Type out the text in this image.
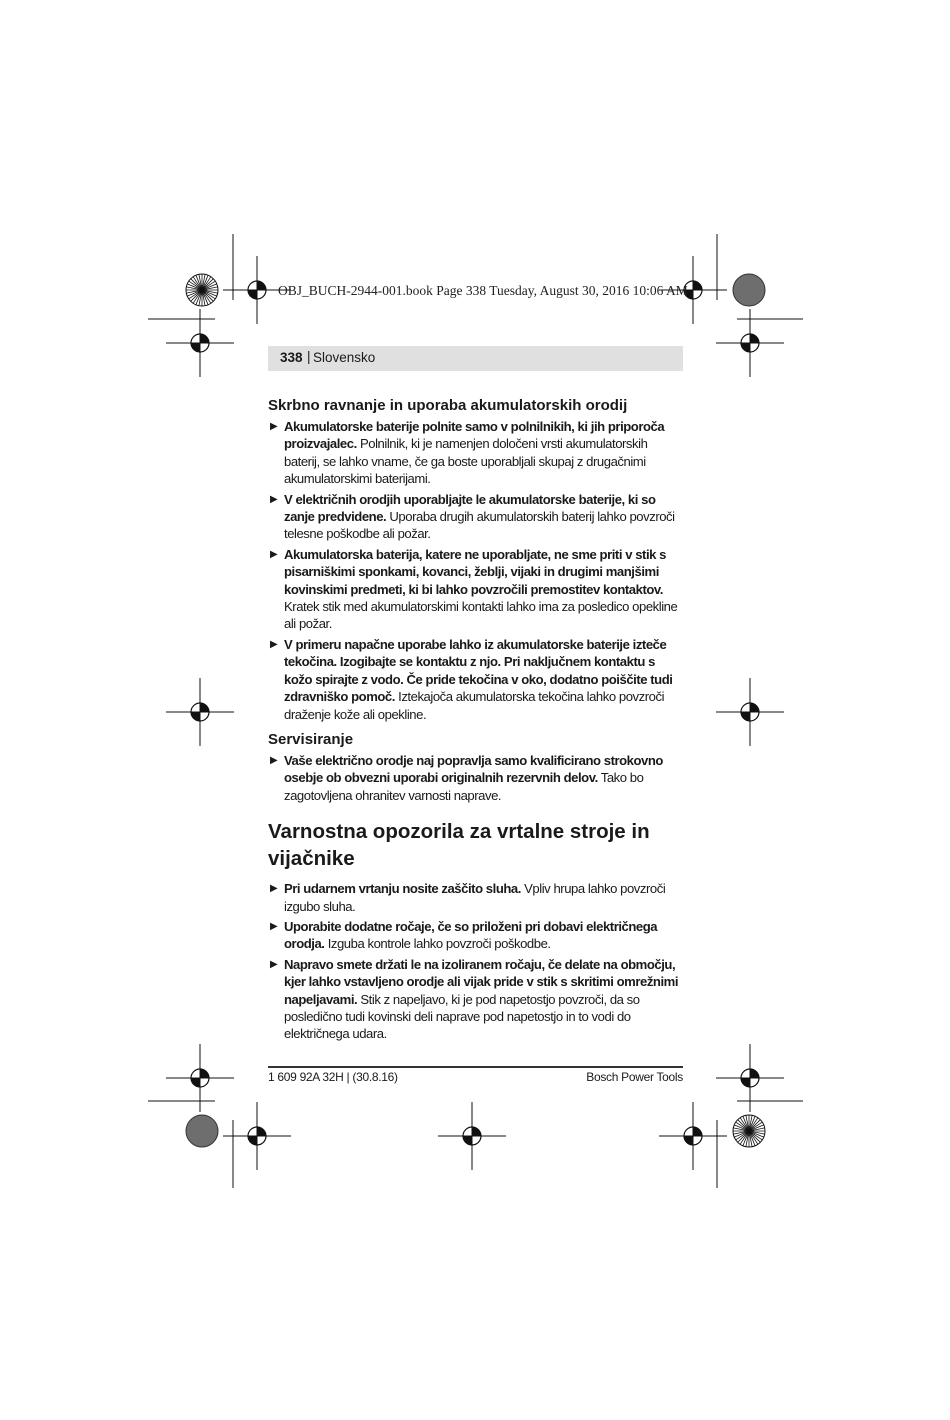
OBJ_BUCH-2944-001.book Page 338 Tuesday, August 30, 2016 10:06 AM
338 | Slovensko
Skrbno ravnanje in uporaba akumulatorskih orodij
▶ Akumulatorske baterije polnite samo v polnilnikih, ki jih priporoča proizvajalec. Polnilnik, ki je namenjen določeni vrsti akumulatorskih baterij, se lahko vname, če ga boste uporabljali skupaj z drugačnimi akumulatorskimi baterijami.
▶ V električnih orodjih uporabljajte le akumulatorske baterije, ki so zanje predvidene. Uporaba drugih akumulatorskih baterij lahko povzroči telesne poškodbe ali požar.
▶ Akumulatorska baterija, katere ne uporabljate, ne sme priti v stik s pisarniškimi sponkami, kovanci, žeblji, vijaki in drugimi manjšimi kovinskimi predmeti, ki bi lahko povzročili premostitev kontaktov. Kratek stik med akumulatorskimi kontakti lahko ima za posledico opekline ali požar.
▶ V primeru napačne uporabe lahko iz akumulatorske baterije izteče tekočina. Izogibajte se kontaktu z njo. Pri naključnem kontaktu s kožo spirajte z vodo. Če pride tekočina v oko, dodatno poiščite tudi zdravniško pomoč. Iztekajoča akumulatorska tekočina lahko povzroči draženje kože ali opekline.
Servisiranje
▶ Vaše električno orodje naj popravlja samo kvalificirano strokovno osebje ob obvezni uporabi originalnih rezervnih delov. Tako bo zagotovljena ohranitev varnosti naprave.
Varnostna opozorila za vrtalne stroje in vijačnike
▶ Pri udarnem vrtanju nosite zaščito sluha. Vpliv hrupa lahko povzroči izgubo sluha.
▶ Uporabite dodatne ročaje, če so priloženi pri dobavi električnega orodja. Izguba kontrole lahko povzroči poškodbe.
▶ Napravo smete držati le na izoliranem ročaju, če delate na območju, kjer lahko vstavljeno orodje ali vijak pride v stik s skritimi omrežnimi napeljavami. Stik z napeljavo, ki je pod napetostjo povzroči, da so posledično tudi kovinski deli naprave pod napetostjo in to vodi do električnega udara.
1 609 92A 32H | (30.8.16)	Bosch Power Tools
